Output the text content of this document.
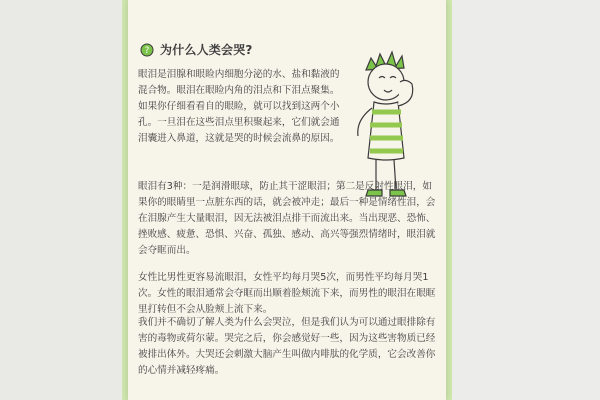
? 为什么人类会哭?
眼泪是泪腺和眼睑内细胞分泌的水、盐和黏液的混合物。眼泪在眼睑内角的泪点和下泪点聚集。如果你仔细看看自的眼睑，就可以找到这两个小孔。一旦泪在这些泪点里积聚起来，它们就会通泪囊进入鼻道，这就是哭的时候会流鼻的原因。
眼泪有3种：一是润滑眼球，防止其干涩眼泪；第二是反射性眼泪，如果你的眼睛里一点脏东西的话，就会被冲走；最后一种是情绪性泪，会在泪腺产生大量眼泪，因无法被泪点排干而流出来。当出现恶、恐怖、挫败感、疲惫、恐惧、兴奋、孤独、感动、高兴等强烈情绪时，眼泪就会夺眶而出。
女性比男性更容易流眼泪，女性平均每月哭5次，而男性平均每月哭1次。女性的眼泪通常会夺眶而出顺着脸颊流下来，而男性的眼泪在眼眶里打转但不会从脸颊上流下来。
我们并不确切了解人类为什么会哭泣，但是我们认为可以通过眼排除有害的毒物或荷尔蒙。哭完之后，你会感觉好一些，因为这些害物质已经被排出体外。大哭还会刺激大脑产生叫做内啡肽的化学质，它会改善你的心情并减轻疼痛。
